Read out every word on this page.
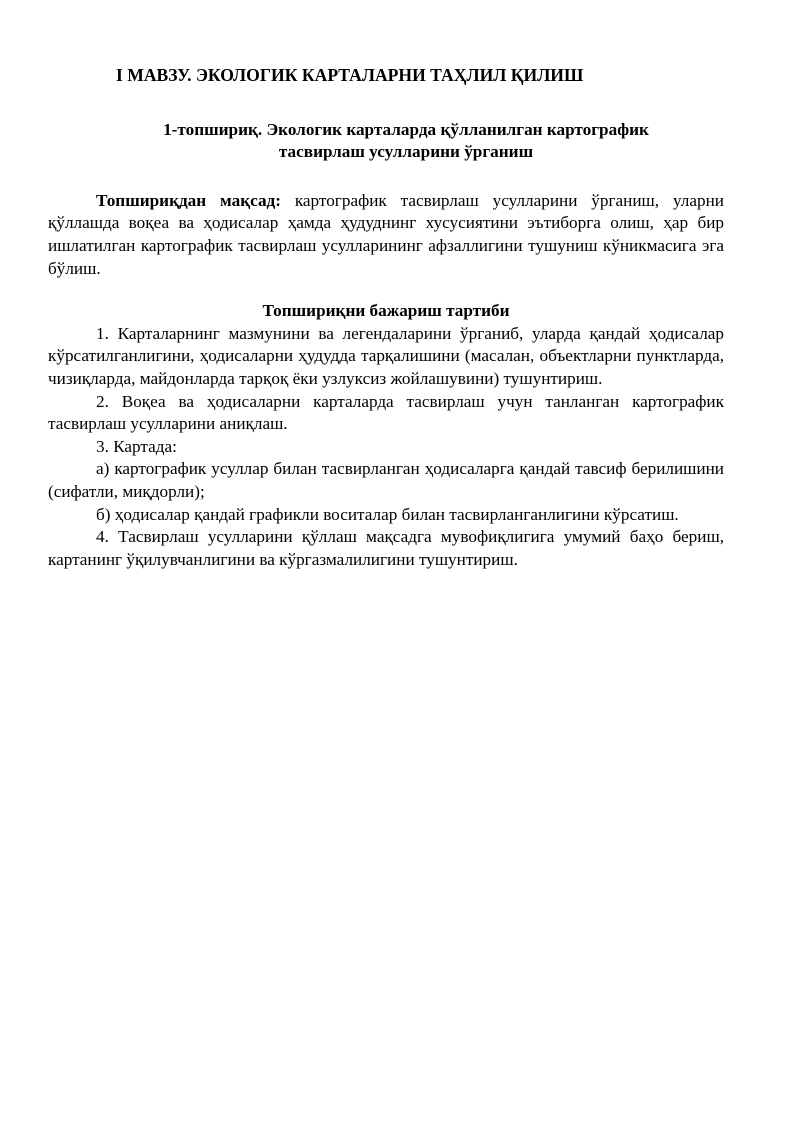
I МАВЗУ. ЭКОЛОГИК КАРТАЛАРНИ ТАҲЛИЛ ҚИЛИШ
1-топшириқ. Экологик карталарда қўлланилган картографик
тасвирлаш усулларини ўрганиш

Топшириқдан мақсад: картографик тасвирлаш усулларини ўрганиш, уларни қўллашда воқеа ва ҳодисалар ҳамда ҳудуднинг хусусиятини эътиборга олиш, ҳар бир ишлатилган картографик тасвирлаш усулларининг афзаллигини тушуниш кўникмасига эга бўлиш.

Топшириқни бажариш тартиби

1. Карталарнинг мазмунини ва легендаларини ўрганиб, уларда қандай ҳодисалар кўрсатилганлигини, ҳодисаларни ҳудудда тарқалишини (масалан, объектларни пунктларда, чизиқларда, майдонларда тарқоқ ёки узлуксиз жойлашувини) тушунтириш.

2. Воқеа ва ҳодисаларни карталарда тасвирлаш учун танланган картографик тасвирлаш усулларини аниқлаш.

3. Картада:

а) картографик усуллар билан тасвирланган ҳодисаларга қандай тавсиф берилишини (сифатли, миқдорли);

б) ҳодисалар қандай графикли воситалар билан тасвирланганлигини кўрсатиш.

4. Тасвирлаш усулларини қўллаш мақсадга мувофиқлигига умумий баҳо бериш, картанинг ўқилувчанлигини ва кўргазмалилигини тушунтириш.
